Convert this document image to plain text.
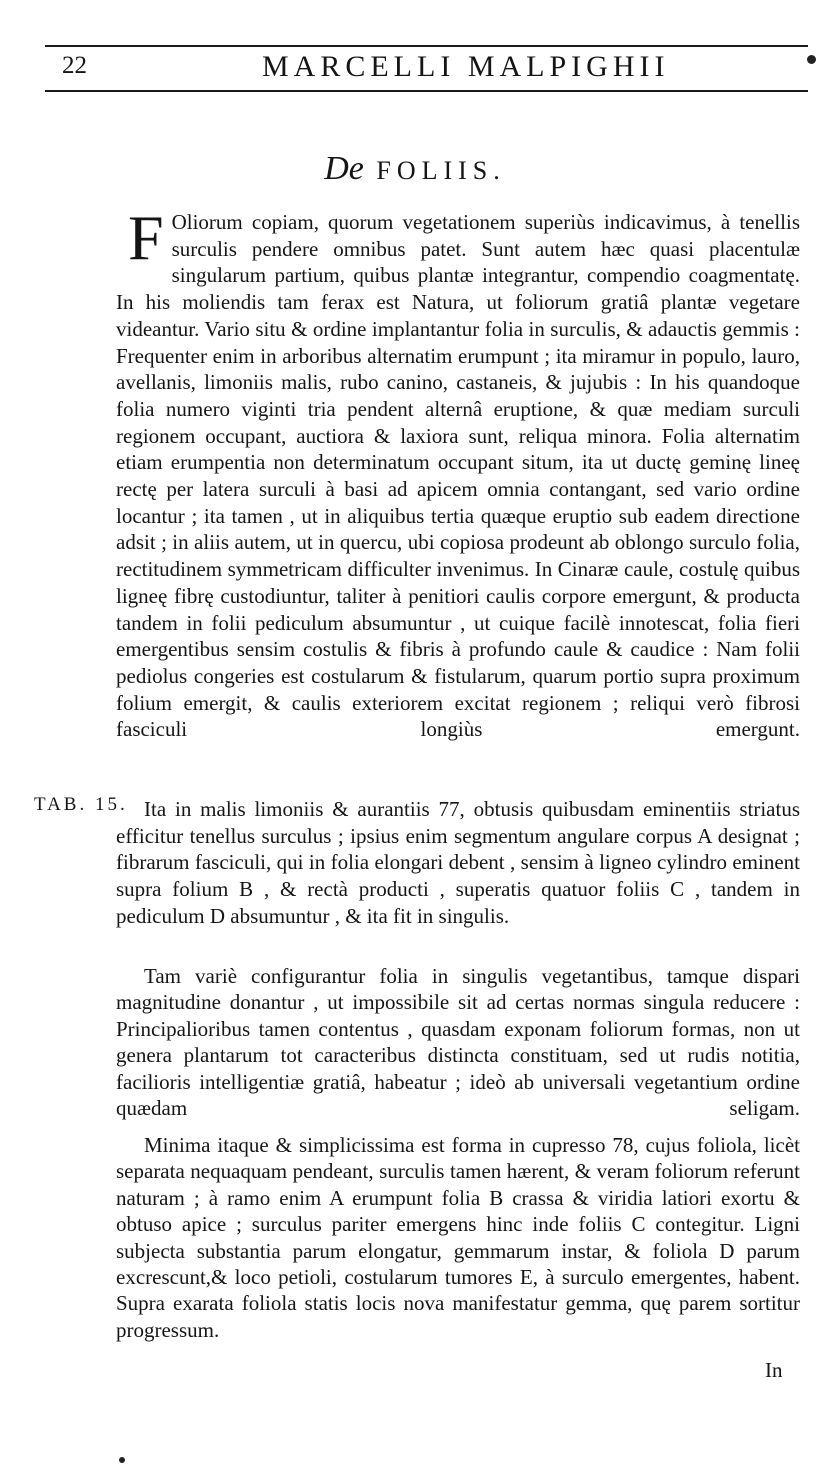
22	MARCELLI MALPIGHII
De FOLIIS.
F Oliorum copiam, quorum vegetationem superiùs indicavimus, à tenellis surculis pendere omnibus patet. Sunt autem hæc quasi placentulæ singularum partium, quibus plantæ integrantur, compendio coagmentatę. In his moliendis tam ferax est Natura, ut foliorum gratiâ plantæ vegetare videantur. Vario situ & ordine implantantur folia in surculis, & adauctis gemmis : Frequenter enim in arboribus alternatim erumpunt ; ita miramur in populo, lauro, avellanis, limoniis malis, rubo canino, castaneis, & jujubis : In his quandoque folia numero viginti tria pendent alternâ eruptione, & quæ mediam surculi regionem occupant, auctiora & laxiora sunt, reliqua minora. Folia alternatim etiam erumpentia non determinatum occupant situm, ita ut ductę geminę lineę rectę per latera surculi à basi ad apicem omnia contangant, sed vario ordine locantur ; ita tamen , ut in aliquibus tertia quæque eruptio sub eadem directione adsit ; in aliis autem, ut in quercu, ubi copiosa prodeunt ab oblongo surculo folia, rectitudinem symmetricam difficulter invenimus. In Cinaræ caule, costulę quibus ligneę fibrę custodiuntur, taliter à penitiori caulis corpore emergunt, & producta tandem in folii pediculum absumuntur , ut cuique facilè innotescat, folia fieri emergentibus sensim costulis & fibris à profundo caule & caudice : Nam folii pediolus congeries est costularum & fistularum, quarum portio supra proximum folium emergit, & caulis exteriorem excitat regionem ; reliqui verò fibrosi fasciculi longiùs emergunt.

TAB. 15. Ita in malis limoniis & aurantiis 77, obtusis quibusdam eminentiis striatus efficitur tenellus surculus ; ipsius enim segmentum angulare corpus A designat ; fibrarum fasciculi, qui in folia elongari debent , sensim à ligneo cylindro eminent supra folium B , & rectà producti , superatis quatuor foliis C , tandem in pediculum D absumuntur , & ita fit in singulis.

Tam variè configurantur folia in singulis vegetantibus, tamque dispari magnitudine donantur , ut impossibile sit ad certas normas singula reducere : Principalioribus tamen contentus , quasdam exponam foliorum formas, non ut genera plantarum tot caracteribus distincta constituam, sed ut rudis notitia, facilioris intelligentiæ gratiâ, habeatur ; ideò ab universali vegetantium ordine quædam seligam.

Minima itaque & simplicissima est forma in cupresso 78, cujus foliola, licèt separata nequaquam pendeant, surculis tamen hærent, & veram foliorum referunt naturam ; à ramo enim A erumpunt folia B crassa & viridia latiori exortu & obtuso apice ; surculus pariter emergens hinc inde foliis C contegitur. Ligni subjecta substantia parum elongatur, gemmarum instar, & foliola D parum excrescunt,& loco petioli, costularum tumores E, à surculo emergentes, habent. Supra exarata foliola statis locis nova manifestatur gemma, quę parem sortitur progressum.

In
